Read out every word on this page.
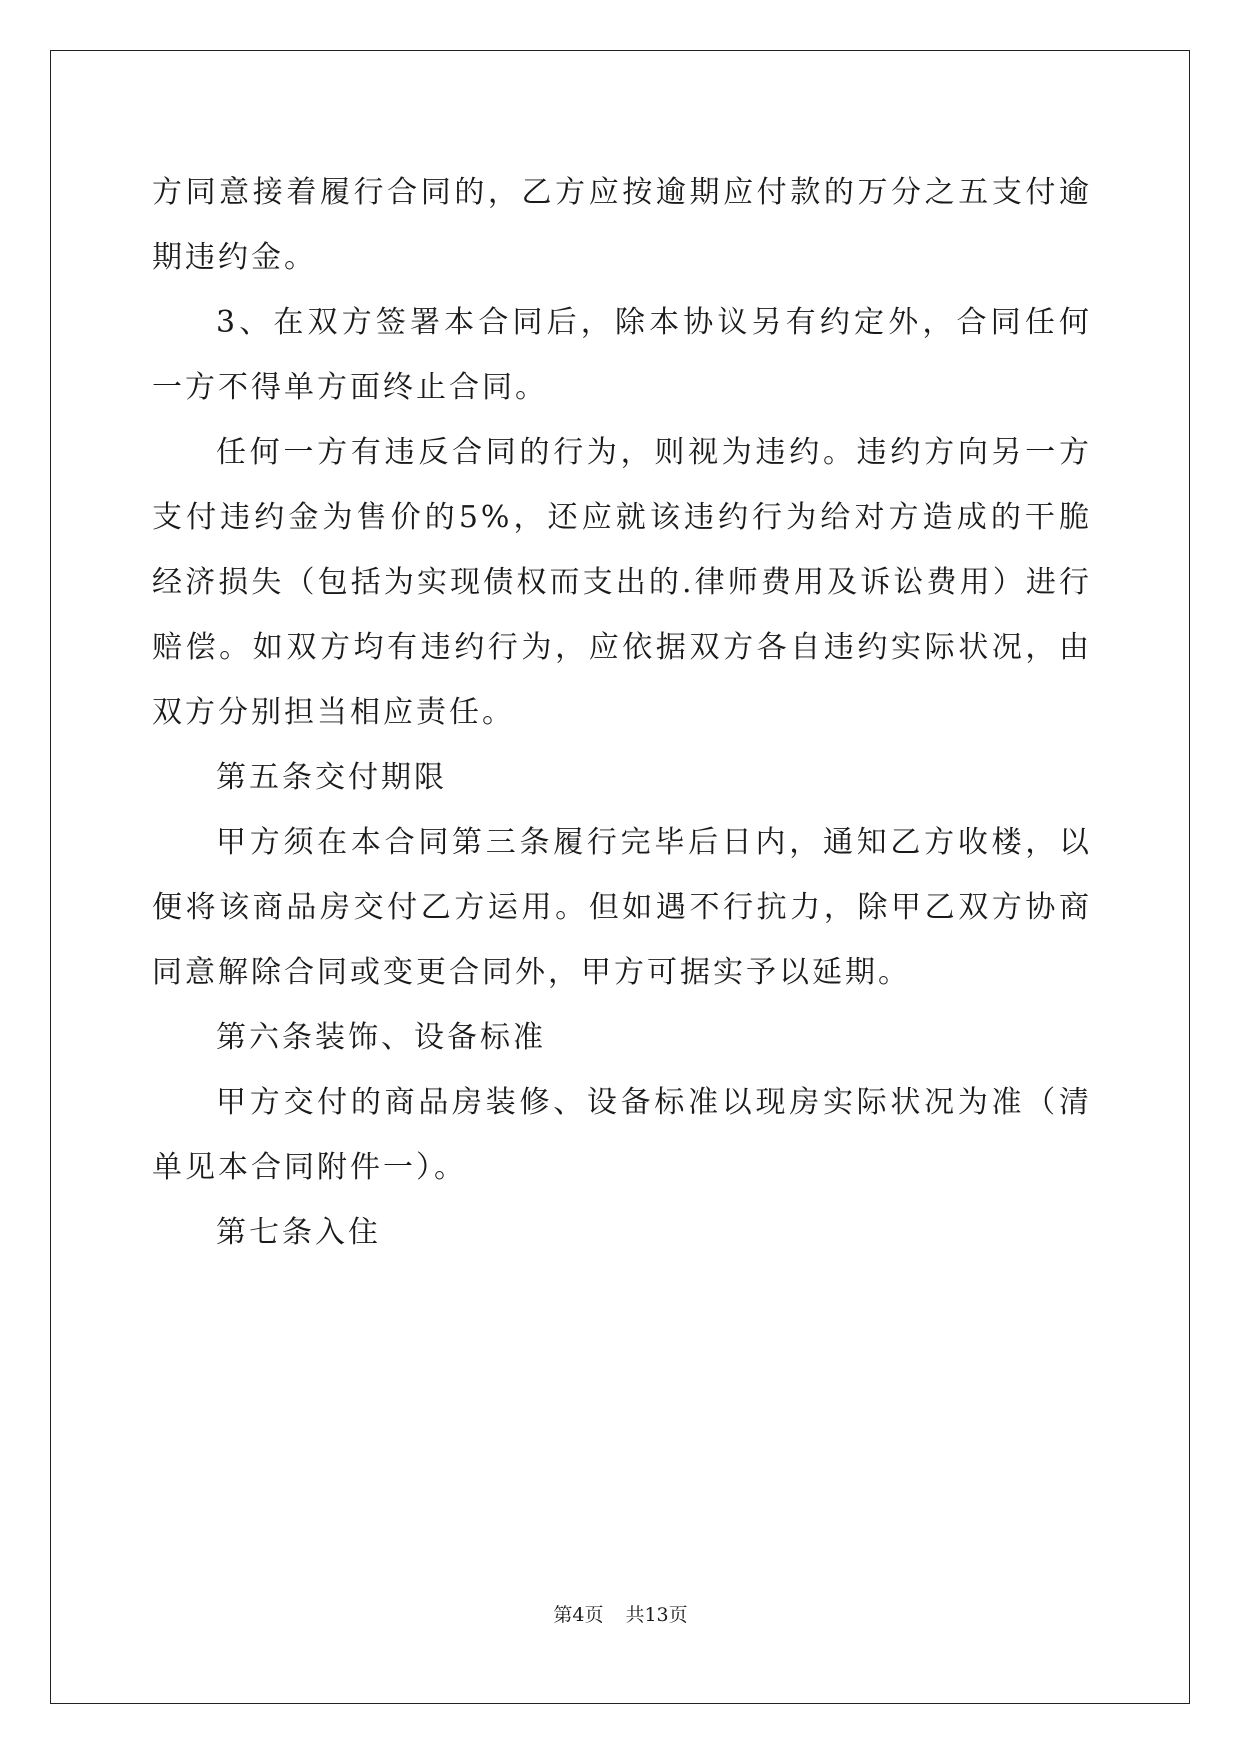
方同意接着履行合同的，乙方应按逾期应付款的万分之五支付逾期违约金。

3、在双方签署本合同后，除本协议另有约定外，合同任何一方不得单方面终止合同。

任何一方有违反合同的行为，则视为违约。违约方向另一方支付违约金为售价的5%，还应就该违约行为给对方造成的干脆经济损失（包括为实现债权而支出的.律师费用及诉讼费用）进行赔偿。如双方均有违约行为，应依据双方各自违约实际状况，由双方分别担当相应责任。

第五条交付期限

甲方须在本合同第三条履行完毕后日内，通知乙方收楼，以便将该商品房交付乙方运用。但如遇不行抗力，除甲乙双方协商同意解除合同或变更合同外，甲方可据实予以延期。

第六条装饰、设备标准

甲方交付的商品房装修、设备标准以现房实际状况为准（清单见本合同附件一）。

第七条入住

第4页 共13页
